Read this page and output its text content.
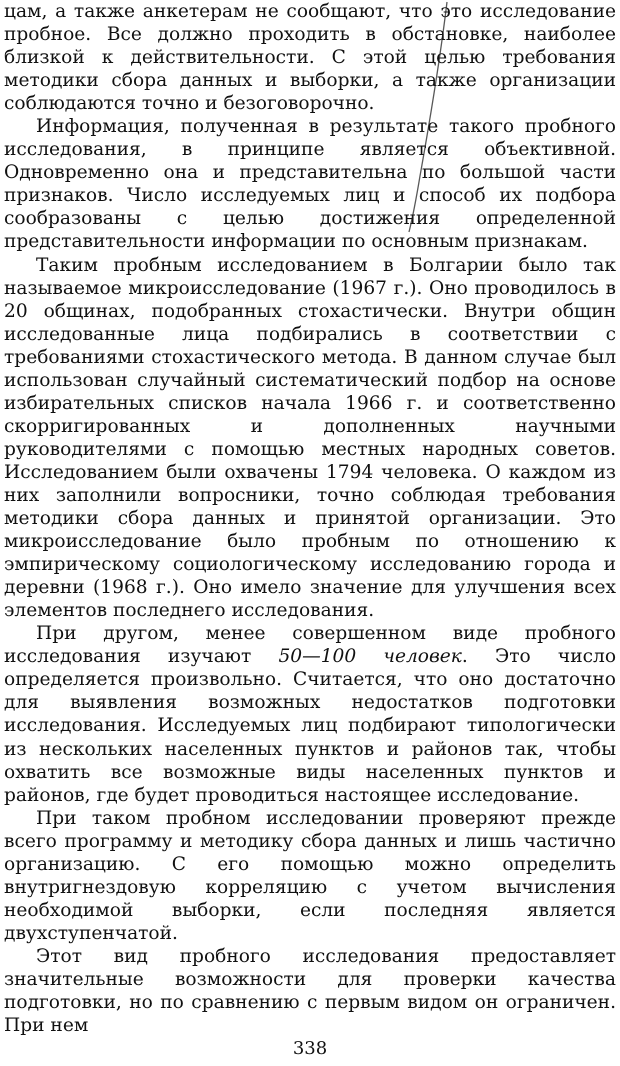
цам, а также анкетерам не сообщают, что это исследование пробное. Все должно проходить в обстановке, наиболее близкой к действительности. С этой целью требования методики сбора данных и выборки, а также организации соблюдаются точно и безоговорочно.

Информация, полученная в результате такого пробного исследования, в принципе является объективной. Одновременно она и представительна по большой части признаков. Число исследуемых лиц и способ их подбора сообразованы с целью достижения определенной представительности информации по основным признакам.

Таким пробным исследованием в Болгарии было так называемое микроисследование (1967 г.). Оно проводилось в 20 общинах, подобранных стохастически. Внутри общин исследованные лица подбирались в соответствии с требованиями стохастического метода. В данном случае был использован случайный систематический подбор на основе избирательных списков начала 1966 г. и соответственно скорригированных и дополненных научными руководителями с помощью местных народных советов. Исследованием были охвачены 1794 человека. О каждом из них заполнили вопросники, точно соблюдая требования методики сбора данных и принятой организации. Это микроисследование было пробным по отношению к эмпирическому социологическому исследованию города и деревни (1968 г.). Оно имело значение для улучшения всех элементов последнего исследования.

При другом, менее совершенном виде пробного исследования изучают 50—100 человек. Это число определяется произвольно. Считается, что оно достаточно для выявления возможных недостатков подготовки исследования. Исследуемых лиц подбирают типологически из нескольких населенных пунктов и районов так, чтобы охватить все возможные виды населенных пунктов и районов, где будет проводиться настоящее исследование.

При таком пробном исследовании проверяют прежде всего программу и методику сбора данных и лишь частично организацию. С его помощью можно определить внутригнездовую корреляцию с учетом вычисления необходимой выборки, если последняя является двухступенчатой.

Этот вид пробного исследования предоставляет значительные возможности для проверки качества подготовки, но по сравнению с первым видом он ограничен. При нем

338
